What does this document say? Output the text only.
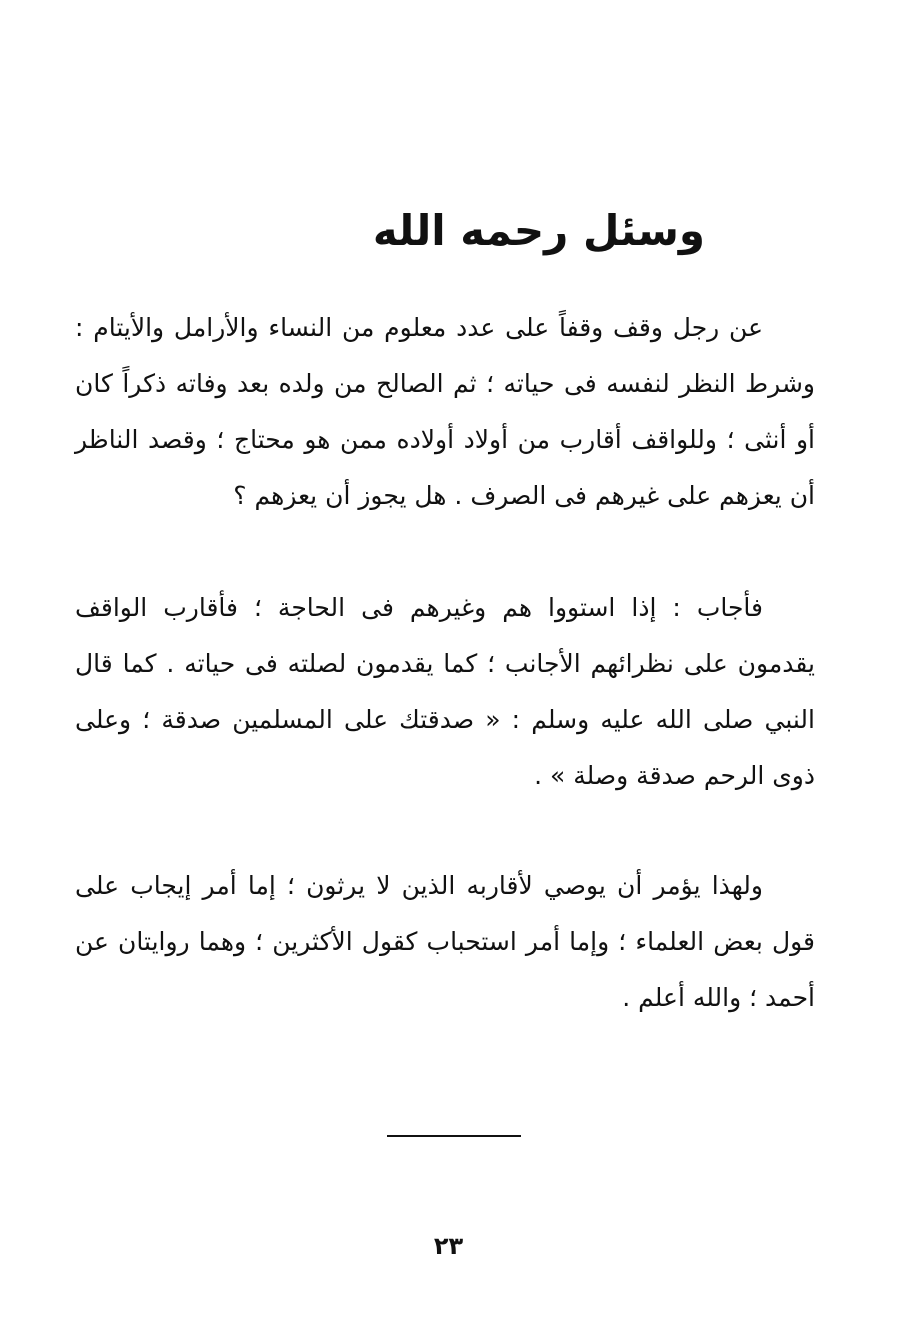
وسئل رحمه الله
عن رجل وقف وقفاً على عدد معلوم من النساء والأرامل والأيتام : وشرط النظر لنفسه فى حياته ؛ ثم الصالح من ولده بعد وفاته ذكراً كان أو أنثى ؛ وللواقف أقارب من أولاد أولاده ممن هو محتاج ؛ وقصد الناظر أن يعزهم على غيرهم فى الصرف . هل يجوز أن يعزهم ؟
فأجاب : إذا استووا هم وغيرهم فى الحاجة ؛ فأقارب الواقف يقدمون على نظرائهم الأجانب ؛ كما يقدمون لصلته فى حياته . كما قال النبي صلى الله عليه وسلم : « صدقتك على المسلمين صدقة ؛ وعلى ذوى الرحم صدقة وصلة » .
ولهذا يؤمر أن يوصي لأقاربه الذين لا يرثون ؛ إما أمر إيجاب على قول بعض العلماء ؛ وإما أمر استحباب كقول الأكثرين ؛ وهما روايتان عن أحمد ؛ والله أعلم .
٢٣
